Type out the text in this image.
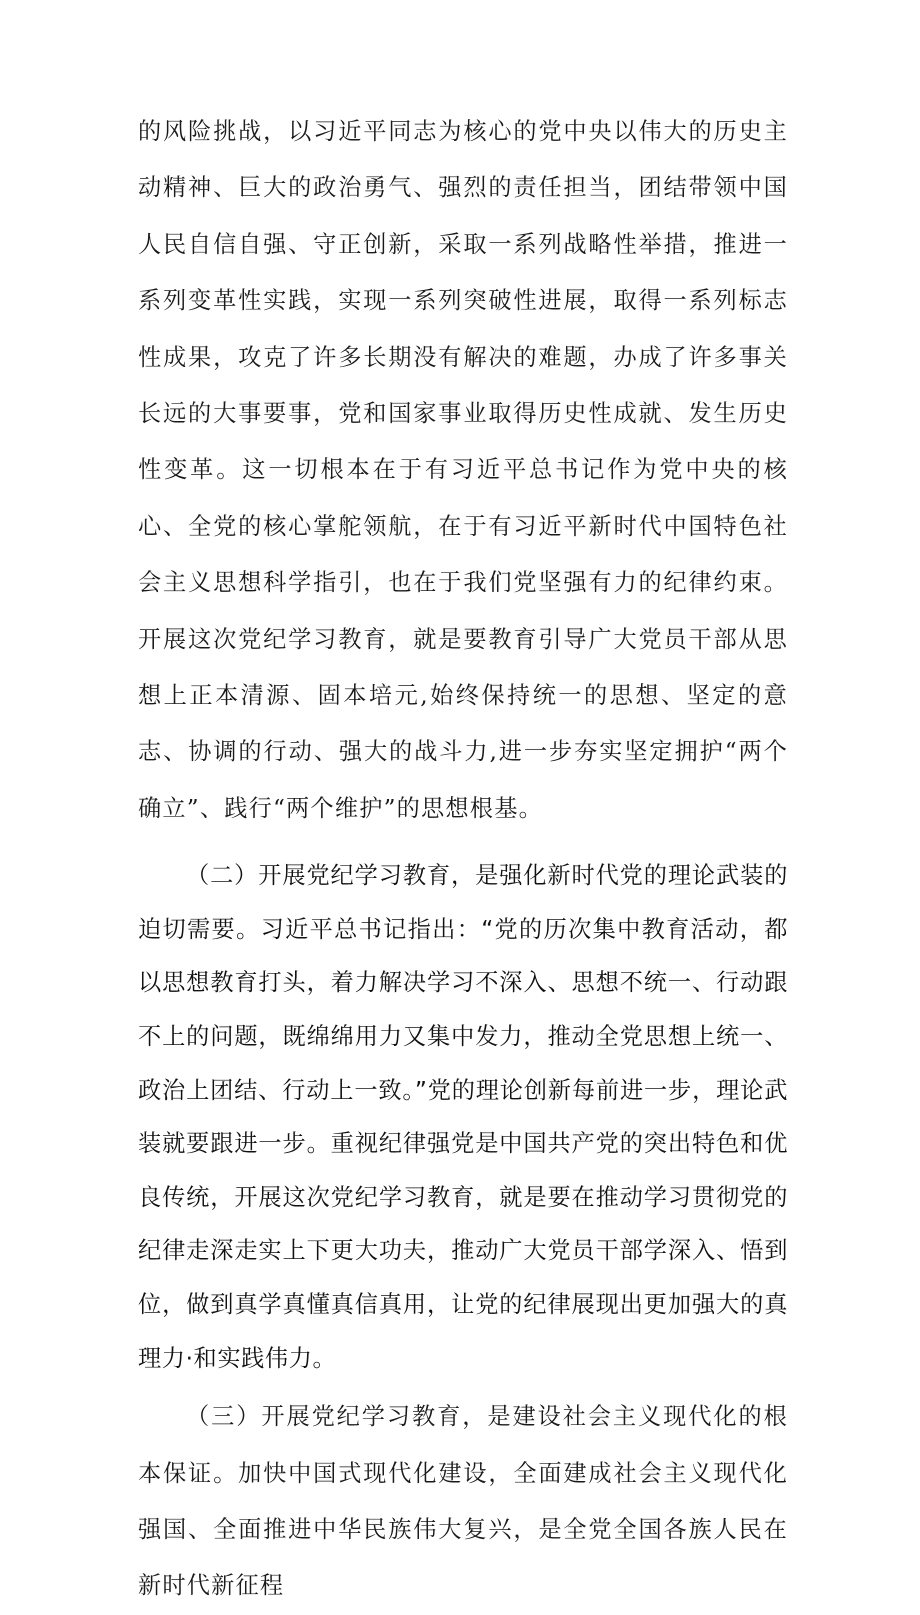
的风险挑战，以习近平同志为核心的党中央以伟大的历史主动精神、巨大的政治勇气、强烈的责任担当，团结带领中国人民自信自强、守正创新，采取一系列战略性举措，推进一系列变革性实践，实现一系列突破性进展，取得一系列标志性成果，攻克了许多长期没有解决的难题，办成了许多事关长远的大事要事，党和国家事业取得历史性成就、发生历史性变革。这一切根本在于有习近平总书记作为党中央的核心、全党的核心掌舵领航，在于有习近平新时代中国特色社会主义思想科学指引，也在于我们党坚强有力的纪律约束。开展这次党纪学习教育，就是要教育引导广大党员干部从思想上正本清源、固本培元,始终保持统一的思想、坚定的意志、协调的行动、强大的战斗力,进一步夯实坚定拥护“两个确立”、践行“两个维护”的思想根基。

（二）开展党纪学习教育，是强化新时代党的理论武装的迫切需要。习近平总书记指出：“党的历次集中教育活动，都以思想教育打头，着力解决学习不深入、思想不统一、行动跟不上的问题，既绵绵用力又集中发力，推动全党思想上统一、政治上团结、行动上一致。”党的理论创新每前进一步，理论武装就要跟进一步。重视纪律强党是中国共产党的突出特色和优良传统，开展这次党纪学习教育，就是要在推动学习贯彻党的纪律走深走实上下更大功夫，推动广大党员干部学深入、悟到位，做到真学真懂真信真用，让党的纪律展现出更加强大的真理力·和实践伟力。

（三）开展党纪学习教育，是建设社会主义现代化的根本保证。加快中国式现代化建设，全面建成社会主义现代化强国、全面推进中华民族伟大复兴，是全党全国各族人民在新时代新征程
